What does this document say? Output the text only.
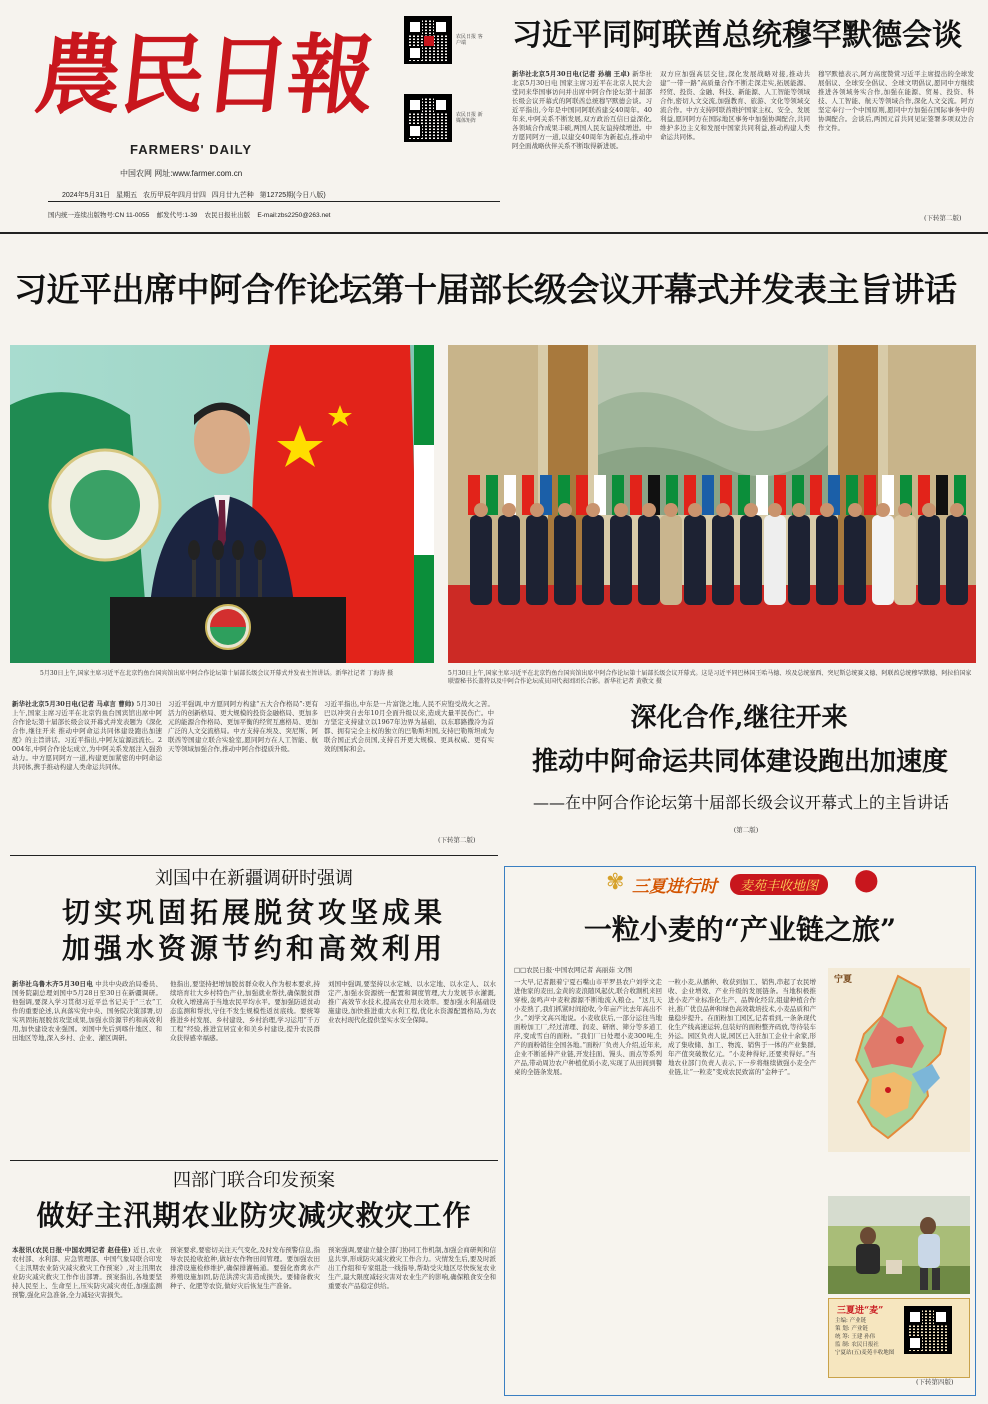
農民日報
FARMERS' DAILY
中国农网 网址:www.farmer.com.cn
农民日报 客户端
农民日报 新媒体矩阵
2024年5月31日 星期五 农历甲辰年四月廿四 四月廿九芒种 第12725期(今日八版)
国内统一连续出版物号:CN 11-0055 邮发代号:1-39 农民日报社出版 E-mail:zbs2250@263.net
习近平同阿联酋总统穆罕默德会谈
新华社北京5月30日电(记者 孙楠 王卓) 新华社北京5月30日电 国家主席习近平在北京人民大会堂同来华国事访问并出席中阿合作论坛第十届部长级会议开幕式的阿联酋总统穆罕默德会谈。习近平指出,今年是中国同阿联酋建交40周年。40年来,中阿关系不断发展,双方政治互信日益深化,各领域合作成果丰硕,两国人民友谊持续增进。中方愿同阿方一道,以建交40周年为新起点,推动中阿全面战略伙伴关系不断取得新进展。
双方应加强高层交往,深化发展战略对接,推动共建“一带一路”高质量合作不断走深走实,拓展能源、经贸、投资、金融、科技、新能源、人工智能等领域合作,密切人文交流,加强教育、旅游、文化等领域交流合作。中方支持阿联酋维护国家主权、安全、发展利益,愿同阿方在国际地区事务中加强协调配合,共同维护多边主义和发展中国家共同利益,推动构建人类命运共同体。
穆罕默德表示,阿方高度赞赏习近平主席提出的全球发展倡议、全球安全倡议、全球文明倡议,愿同中方继续推进各领域务实合作,加强在能源、贸易、投资、科技、人工智能、航天等领域合作,深化人文交流。阿方坚定奉行一个中国原则,愿同中方加强在国际事务中的协调配合。会谈后,两国元首共同见证签署多项双边合作文件。
(下转第二版)
习近平出席中阿合作论坛第十届部长级会议开幕式并发表主旨讲话
5月30日上午,国家主席习近平在北京钓鱼台国宾馆出席中阿合作论坛第十届部长级会议开幕式并发表主旨讲话。新华社记者 丁海涛 摄	5月30日上午,国家主席习近平在北京钓鱼台国宾馆出席中阿合作论坛第十届部长级会议开幕式。这是习近平同巴林国王哈马德、埃及总统塞西、突尼斯总统赛义德、阿联酋总统穆罕默德、阿拉伯国家联盟秘书长盖特以及中阿合作论坛成员国代表团团长合影。新华社记者 黄敬文 摄
新华社北京5月30日电(记者 马卓言 曹帅) 5月30日上午,国家主席习近平在北京钓鱼台国宾馆出席中阿合作论坛第十届部长级会议开幕式并发表题为《深化合作,继往开来 推动中阿命运共同体建设跑出加速度》的主旨讲话。习近平指出,中阿友谊源远流长。2004年,中阿合作论坛成立,为中阿关系发展注入强劲动力。中方愿同阿方一道,构建更加紧密的中阿命运共同体,携手推动构建人类命运共同体。
习近平强调,中方愿同阿方构建“五大合作格局”:更有活力的创新格局、更大规模的投资金融格局、更加多元的能源合作格局、更加平衡的经贸互惠格局、更加广泛的人文交流格局。中方支持在埃及、突尼斯、阿联酋等国建立联合实验室,愿同阿方在人工智能、航天等领域加强合作,推动中阿合作提质升级。
习近平指出,中东是一片富饶之地,人民不应饱受战火之苦。巴以冲突自去年10月全面升级以来,造成大量平民伤亡。中方坚定支持建立以1967年边界为基础、以东耶路撒冷为首都、拥有完全主权的独立的巴勒斯坦国,支持巴勒斯坦成为联合国正式会员国,支持召开更大规模、更具权威、更有实效的国际和会。
(下转第二版)
深化合作,继往开来
推动中阿命运共同体建设跑出加速度
——在中阿合作论坛第十届部长级会议开幕式上的主旨讲话
(第二版)
刘国中在新疆调研时强调
切实巩固拓展脱贫攻坚成果
加强水资源节约和高效利用
新华社乌鲁木齐5月30日电 中共中央政治局委员、国务院副总理刘国中5月28日至30日在新疆调研。他强调,要深入学习贯彻习近平总书记关于“三农”工作的重要论述,认真落实党中央、国务院决策部署,切实巩固拓展脱贫攻坚成果,加强水资源节约和高效利用,加快建设农业强国。刘国中先后到喀什地区、和田地区等地,深入乡村、企业、灌区调研。
他指出,要坚持把增加脱贫群众收入作为根本要求,持续培育壮大乡村特色产业,加强就业帮扶,确保脱贫群众收入增速高于当地农民平均水平。要加强防返贫动态监测和帮扶,守住不发生规模性返贫底线。要统筹推进乡村发展、乡村建设、乡村治理,学习运用“千万工程”经验,推进宜居宜业和美乡村建设,提升农民群众获得感幸福感。
刘国中强调,要坚持以水定城、以水定地、以水定人、以水定产,加强水资源统一配置和调度管理,大力发展节水灌溉,推广高效节水技术,提高农业用水效率。要加强水利基础设施建设,加快推进重大水利工程,优化水资源配置格局,为农业农村现代化提供坚实水安全保障。
四部门联合印发预案
做好主汛期农业防灾减灾救灾工作
本报讯(农民日报·中国农网记者 赵佳佳) 近日,农业农村部、水利部、应急管理部、中国气象局联合印发《主汛期农业防灾减灾救灾工作预案》,对主汛期农业防灾减灾救灾工作作出部署。预案指出,各地要坚持人民至上、生命至上,压实防灾减灾责任,加强监测预警,强化应急准备,全力减轻灾害损失。
预案要求,要密切关注天气变化,及时发布预警信息,指导农民抢收抢种,做好农作物田间管理。要加强农田排涝设施检修维护,确保排灌畅通。要强化畜禽水产养殖设施加固,防范洪涝灾害造成损失。要储备救灾种子、化肥等农资,做好灾后恢复生产准备。
预案强调,要建立健全部门协同工作机制,加强会商研判和信息共享,形成防灾减灾救灾工作合力。灾情发生后,要及时派出工作组和专家组赴一线指导,帮助受灾地区尽快恢复农业生产,最大限度减轻灾害对农业生产的影响,确保粮食安全和重要农产品稳定供给。
✾ 三夏进行时	麦苑丰收地图	⬤
一粒小麦的“产业链之旅”
□□农民日报·中国农网记者 高丽茹 文/图
一大早,记者跟着宁夏石嘴山市平罗县农户刘学文走进他家的麦田,金黄的麦浪随风起伏,联合收割机来回穿梭,轰鸣声中麦粒源源不断地流入粮仓。“这几天小麦熟了,我们抓紧时间抢收,今年亩产比去年高出不少。”刘学文高兴地说。小麦收获后,一部分运往当地面粉加工厂,经过清理、润麦、研磨、筛分等多道工序,变成雪白的面粉。“我们厂日处理小麦300吨,生产的面粉销往全国各地。”面粉厂负责人介绍,近年来,企业不断延伸产业链,开发挂面、馒头、面点等系列产品,带动周边农户种植优质小麦,实现了从田间到餐桌的全链条发展。
一粒小麦,从播种、收获到加工、销售,串起了农民增收、企业增效、产业升级的发展链条。当地积极推进小麦产业标准化生产、品牌化经营,组建种植合作社,推广优良品种和绿色高效栽培技术,小麦品质和产量稳步提升。在面粉加工园区,记者看到,一条条现代化生产线高速运转,包装好的面粉整齐码放,等待装车外运。园区负责人说,园区已入驻加工企业十余家,形成了集收储、加工、物流、销售于一体的产业集群,年产值突破数亿元。“小麦种得好,还要卖得好。”当地农业部门负责人表示,下一步将继续做强小麦全产业链,让“一粒麦”变成农民致富的“金种子”。
宁夏
三夏进“麦”
主编: 产业链
策 划: 产业链
统 筹: 王建 孙伟
监 制: 农民日报社
宁夏站(五)麦苑丰收地图
(下转第四版)
